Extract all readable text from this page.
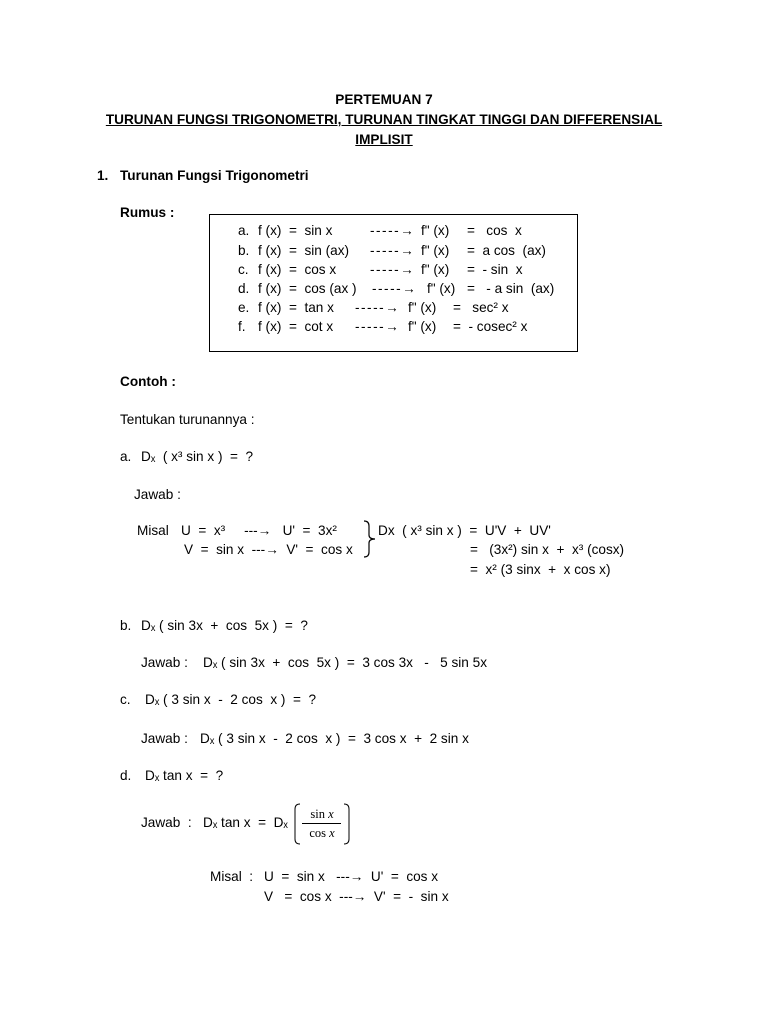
PERTEMUAN 7
TURUNAN FUNGSI TRIGONOMETRI, TURUNAN TINGKAT TINGGI DAN DIFFERENSIAL
IMPLISIT
1. Turunan Fungsi Trigonometri
Rumus :
a. f (x)  =  sin x	-----→ f" (x) =   cos  x
b. f (x)  =  sin (ax) -----→ f" (x) =  a cos  (ax)
c. f (x)  =  cos x -----→ f" (x) =  - sin  x
d. f (x)  =  cos (ax ) -----→ f" (x) =   - a sin  (ax)
e. f (x)  =  tan x -----→ f" (x) =   sec² x
f. f (x)  =  cot x -----→ f" (x) =  - cosec² x
Contoh :
Tentukan turunannya :
a. Dₓ  ( x³ sin x )  =  ?
Jawab :
Misal U  =  x³     ---→   U'  =  3x²
V  =  sin x  ---→  V'  =  cos x
Dx  ( x³ sin x )  =  U'V  +  UV'
=   (3x²) sin x  +  x³ (cosx)
=  x² (3 sinx  +  x cos x)
b. Dₓ ( sin 3x  +  cos  5x )  =  ?
Jawab : Dₓ ( sin 3x  +  cos  5x )  =  3 cos 3x   -   5 sin 5x
c. Dₓ ( 3 sin x  -  2 cos  x )  =  ?
Jawab : Dₓ ( 3 sin x  -  2 cos  x )  =  3 cos x  +  2 sin x
d. Dₓ tan x  =  ?
Jawab  : Dₓ tan x  =  Dₓ
sin x
cos x
Misal  : U  =  sin x   ---→  U'  =  cos x
V   =  cos x  ---→  V'  =  -  sin x
